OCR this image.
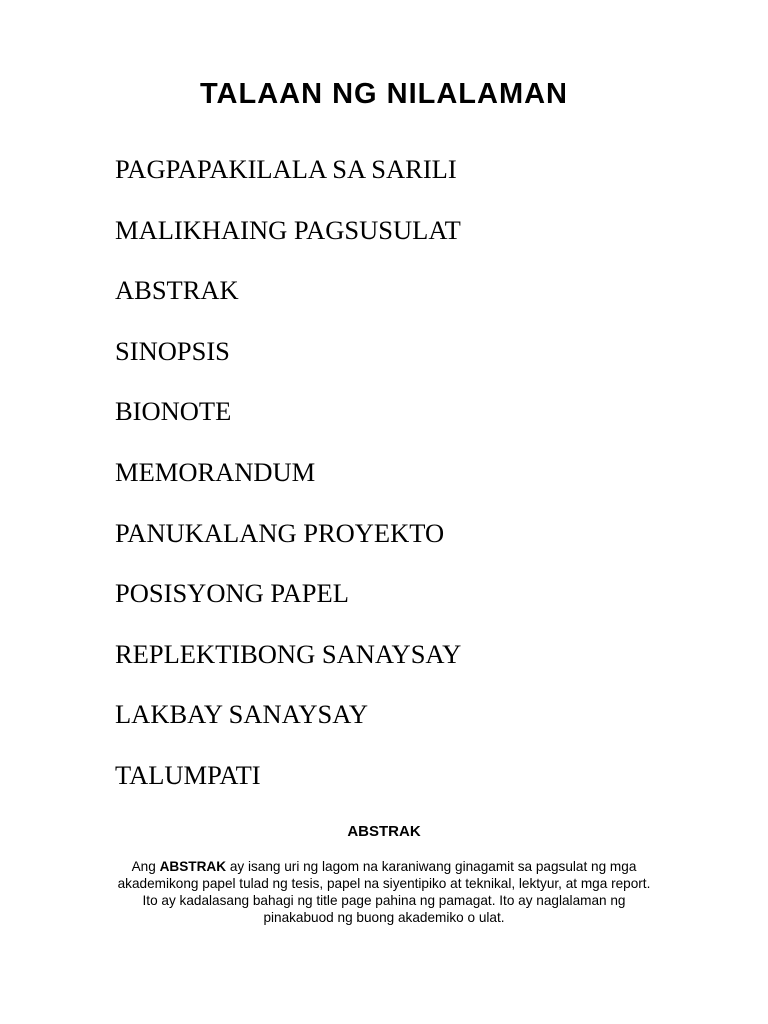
TALAAN NG NILALAMAN
PAGPAPAKILALA SA SARILI
MALIKHAING PAGSUSULAT
ABSTRAK
SINOPSIS
BIONOTE
MEMORANDUM
PANUKALANG PROYEKTO
POSISYONG PAPEL
REPLEKTIBONG SANAYSAY
LAKBAY SANAYSAY
TALUMPATI
ABSTRAK

Ang ABSTRAK ay isang uri ng lagom na karaniwang ginagamit sa pagsulat ng mga akademikong papel tulad ng tesis, papel na siyentipiko at teknikal, lektyur, at mga report. Ito ay kadalasang bahagi ng title page pahina ng pamagat. Ito ay naglalaman ng pinakabuod ng buong akademiko o ulat.
